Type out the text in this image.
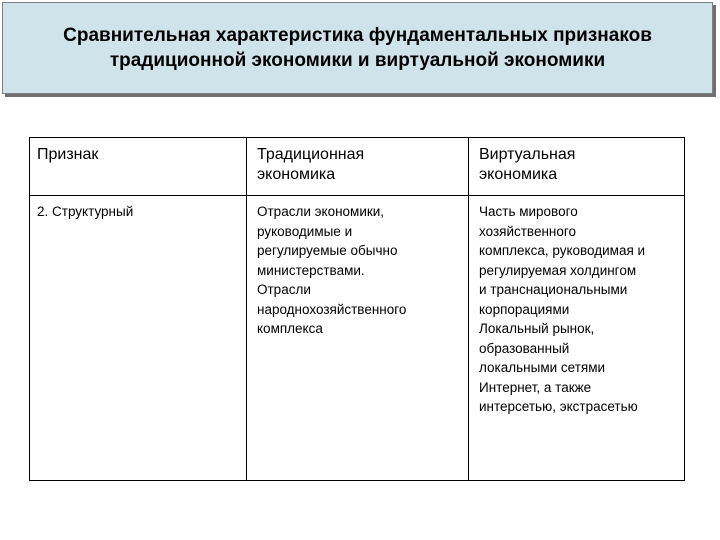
Сравнительная характеристика фундаментальных признаков
традиционной экономики и виртуальной экономики
Признак	Традиционная
экономика
Виртуальная
экономика
2. Структурный	Отрасли экономики,
руководимые и
регулируемые обычно
министерствами.
Отрасли
народнохозяйственного
комплекса
Часть мирового
хозяйственного
комплекса, руководимая и
регулируемая холдингом
и транснациональными
корпорациями
Локальный рынок,
образованный
локальными сетями
Интернет, а также
интерсетью, экстрасетью
